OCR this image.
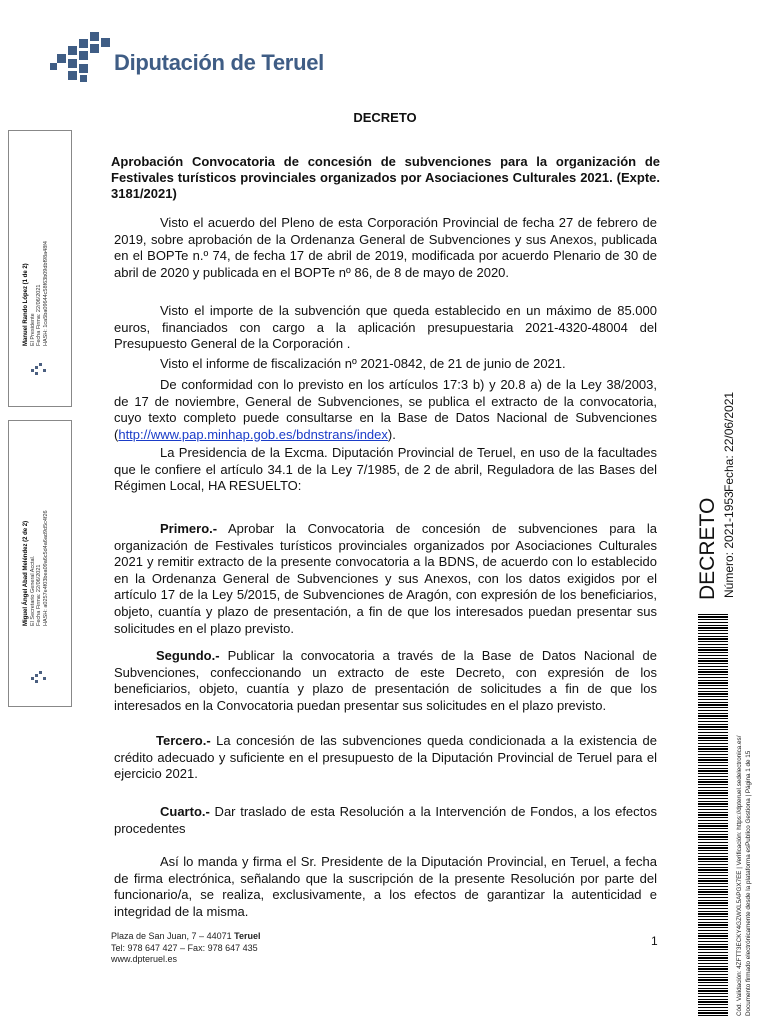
Diputación de Teruel
Manuel Rando López (1 de 2)
El Presidente
Fecha Firma: 22/06/2021
HASH: 1ca5ba09644c58f63b09dbf98a48f4
Miguel Ángel Abad Meléndez (2 de 2)
El Secretario General Acctal.
Fecha Firma: 22/06/2021
HASH: a0257e4f03bea09a6c5d4a6ad9d5c4f26
DECRETO
Aprobación Convocatoria de concesión de subvenciones para la organización de Festivales turísticos provinciales organizados por Asociaciones Culturales 2021. (Expte. 3181/2021)
Visto el acuerdo del Pleno de esta Corporación Provincial de fecha 27 de febrero de 2019, sobre aprobación de la Ordenanza General de Subvenciones y sus Anexos, publicada en el BOPTe n.º 74, de fecha 17 de abril de 2019, modificada por acuerdo Plenario de 30 de abril de 2020 y publicada en el BOPTe nº 86, de 8 de mayo de 2020.
Visto el importe de la subvención que queda establecido en un máximo de 85.000 euros, financiados con cargo a la aplicación presupuestaria 2021-4320-48004 del Presupuesto General de la Corporación .
Visto el informe de fiscalización nº 2021-0842, de 21 de junio de 2021.
De conformidad con lo previsto en los artículos 17:3 b) y 20.8 a) de la Ley 38/2003, de 17 de noviembre, General de Subvenciones, se publica el extracto de la convocatoria, cuyo texto completo puede consultarse en la Base de Datos Nacional de Subvenciones (http://www.pap.minhap.gob.es/bdnstrans/index).
La Presidencia de la Excma. Diputación Provincial de Teruel, en uso de la facultades que le confiere el artículo 34.1 de la Ley 7/1985, de 2 de abril, Reguladora de las Bases del Régimen Local, HA RESUELTO:
Primero.- Aprobar la Convocatoria de concesión de subvenciones para la organización de Festivales turísticos provinciales organizados por Asociaciones Culturales 2021 y remitir extracto de la presente convocatoria a la BDNS, de acuerdo con lo establecido en la Ordenanza General de Subvenciones y sus Anexos, con los datos exigidos por el artículo 17 de la Ley 5/2015, de Subvenciones de Aragón, con expresión de los beneficiarios, objeto, cuantía y plazo de presentación, a fin de que los interesados puedan presentar sus solicitudes en el plazo previsto.
Segundo.- Publicar la convocatoria a través de la Base de Datos Nacional de Subvenciones, confeccionando un extracto de este Decreto, con expresión de los beneficiarios, objeto, cuantía y plazo de presentación de solicitudes a fin de que los interesados en la Convocatoria puedan presentar sus solicitudes en el plazo previsto.
Tercero.- La concesión de las subvenciones queda condicionada a la existencia de crédito adecuado y suficiente en el presupuesto de la Diputación Provincial de Teruel para el ejercicio 2021.
Cuarto.- Dar traslado de esta Resolución a la Intervención de Fondos, a los efectos procedentes
Así lo manda y firma el Sr. Presidente de la Diputación Provincial, en Teruel, a fecha de firma electrónica, señalando que la suscripción de la presente Resolución por parte del funcionario/a, se realiza, exclusivamente, a los efectos de garantizar la autenticidad e integridad de la misma.
Plaza de San Juan, 7 – 44071 Teruel
Tel: 978 647 427 – Fax: 978 647 435
www.dpteruel.es
1
DECRETO Número: 2021-1953
Fecha: 22/06/2021
Cód. Validación: 4ZFTT3ECKY4GZWXL5APGX7EE | Verificación: https://dpteruel.sedelectronica.es/ Documento firmado electrónicamente desde la plataforma esPublico Gestiona | Página 1 de 15
